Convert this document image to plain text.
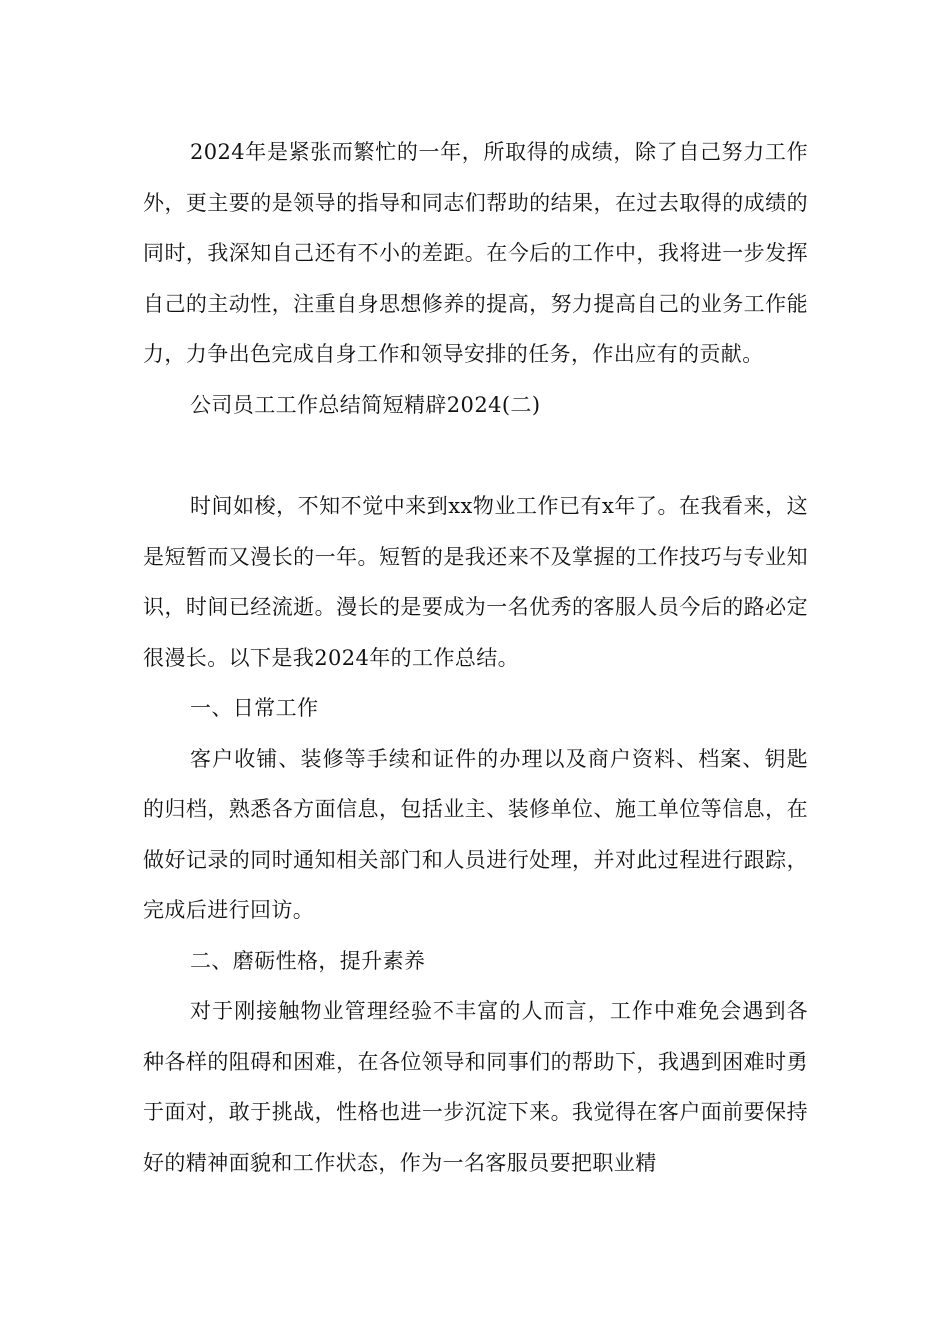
2024年是紧张而繁忙的一年，所取得的成绩，除了自己努力工作外，更主要的是领导的指导和同志们帮助的结果，在过去取得的成绩的同时，我深知自己还有不小的差距。在今后的工作中，我将进一步发挥自己的主动性，注重自身思想修养的提高，努力提高自己的业务工作能力，力争出色完成自身工作和领导安排的任务，作出应有的贡献。

公司员工工作总结简短精辟2024(二)

时间如梭，不知不觉中来到xx物业工作已有x年了。在我看来，这是短暂而又漫长的一年。短暂的是我还来不及掌握的工作技巧与专业知识，时间已经流逝。漫长的是要成为一名优秀的客服人员今后的路必定很漫长。以下是我2024年的工作总结。

一、日常工作

客户收铺、装修等手续和证件的办理以及商户资料、档案、钥匙的归档，熟悉各方面信息，包括业主、装修单位、施工单位等信息，在做好记录的同时通知相关部门和人员进行处理，并对此过程进行跟踪，完成后进行回访。

二、磨砺性格，提升素养

对于刚接触物业管理经验不丰富的人而言，工作中难免会遇到各种各样的阻碍和困难，在各位领导和同事们的帮助下，我遇到困难时勇于面对，敢于挑战，性格也进一步沉淀下来。我觉得在客户面前要保持好的精神面貌和工作状态，作为一名客服员要把职业精
